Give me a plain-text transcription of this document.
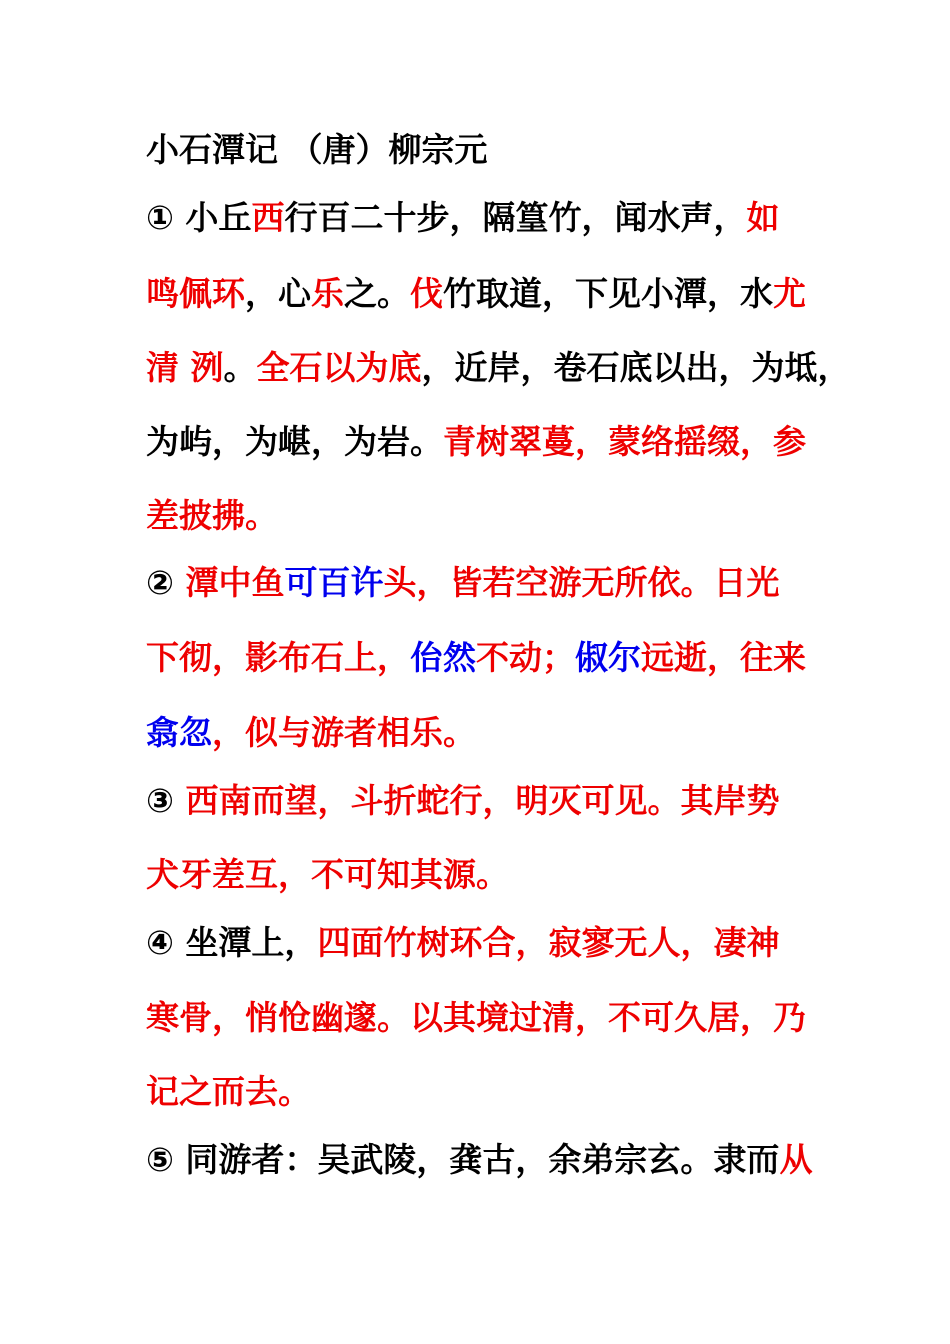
小石潭记 （唐）柳宗元
① 小丘西行百二十步，隔篁竹，闻水声，如
鸣佩环，心乐之。伐竹取道，下见小潭，水尤
清 洌。全石以为底，近岸，卷石底以出，为坻，
为屿，为嵁，为岩。青树翠蔓，蒙络摇缀，参
差披拂。
② 潭中鱼可百许头，皆若空游无所依。日光
下彻，影布石上，佁然不动；俶尔远逝，往来
翕忽，似与游者相乐。
③ 西南而望，斗折蛇行，明灭可见。其岸势
犬牙差互，不可知其源。
④ 坐潭上，四面竹树环合，寂寥无人，凄神
寒骨，悄怆幽邃。以其境过清，不可久居，乃
记之而去。
⑤ 同游者：吴武陵，龚古，余弟宗玄。隶而从
